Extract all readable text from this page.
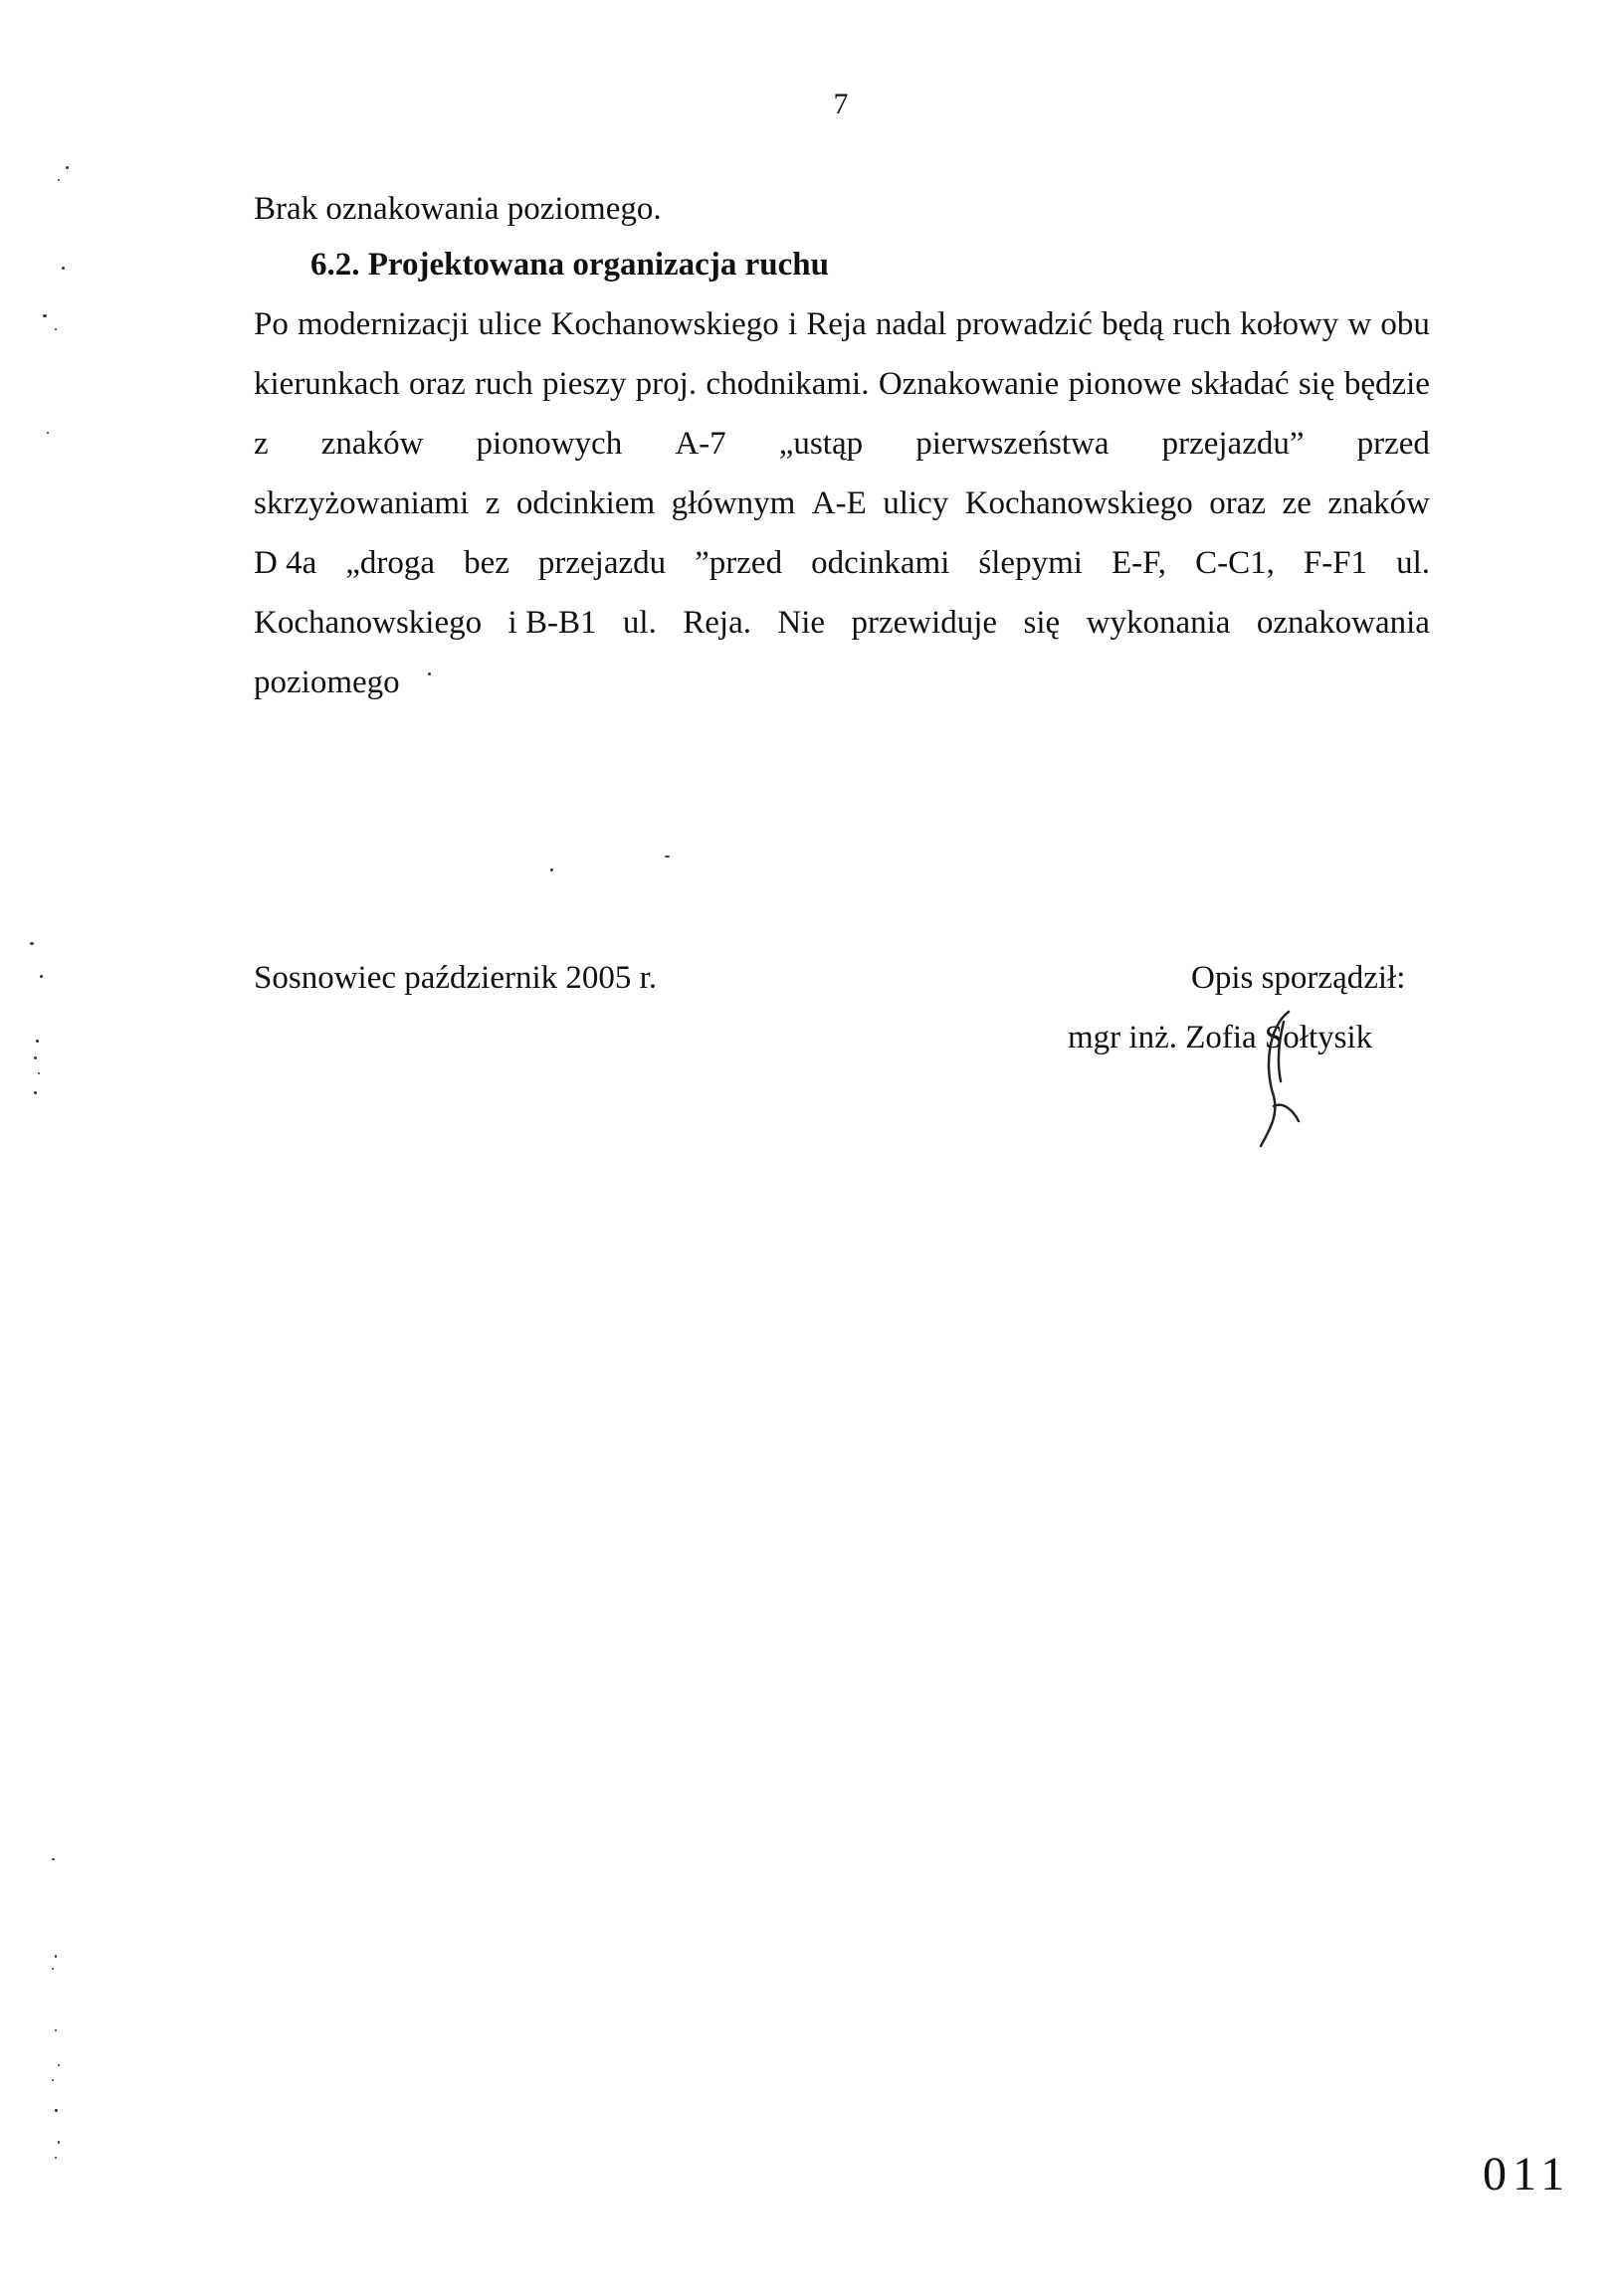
7
Brak oznakowania poziomego.
6.2. Projektowana organizacja ruchu
Po modernizacji ulice Kochanowskiego i Reja nadal prowadzić będą ruch kołowy w obu
kierunkach oraz ruch pieszy proj. chodnikami. Oznakowanie pionowe składać się będzie
z znaków pionowych A-7 „ustąp pierwszeństwa przejazdu” przed
skrzyżowaniami z odcinkiem głównym A-E ulicy Kochanowskiego oraz ze znaków
D 4a „droga bez przejazdu ”przed odcinkami ślepymi E-F, C-C1, F-F1 ul.
Kochanowskiego i B-B1 ul. Reja. Nie przewiduje się wykonania oznakowania
poziomego
Sosnowiec październik 2005 r.	Opis sporządził:
mgr inż. Zofia Sołtysik
011
